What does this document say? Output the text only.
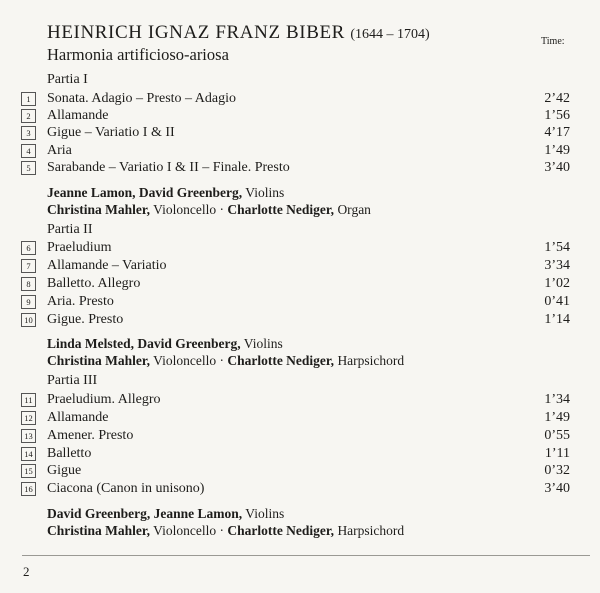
HEINRICH IGNAZ FRANZ BIBER (1644 – 1704)
Harmonia artificioso-ariosa
Time:
Partia I
1	Sonata. Adagio – Presto – Adagio	2’42
2	Allamande	1’56
3	Gigue – Variatio I & II	4’17
4	Aria	1’49
5	Sarabande – Variatio I & II – Finale. Presto	3’40
Jeanne Lamon, David Greenberg, Violins
Christina Mahler, Violoncello · Charlotte Nediger, Organ
Partia II
6	Praeludium	1’54
7	Allamande – Variatio	3’34
8	Balletto. Allegro	1’02
9	Aria. Presto	0’41
10 Gigue. Presto	1’14
Linda Melsted, David Greenberg, Violins
Christina Mahler, Violoncello · Charlotte Nediger, Harpsichord
Partia III
11 Praeludium. Allegro	1’34
12 Allamande	1’49
13 Amener. Presto	0’55
14 Balletto	1’11
15 Gigue	0’32
16 Ciacona (Canon in unisono)	3’40
David Greenberg, Jeanne Lamon, Violins
Christina Mahler, Violoncello · Charlotte Nediger, Harpsichord
2
